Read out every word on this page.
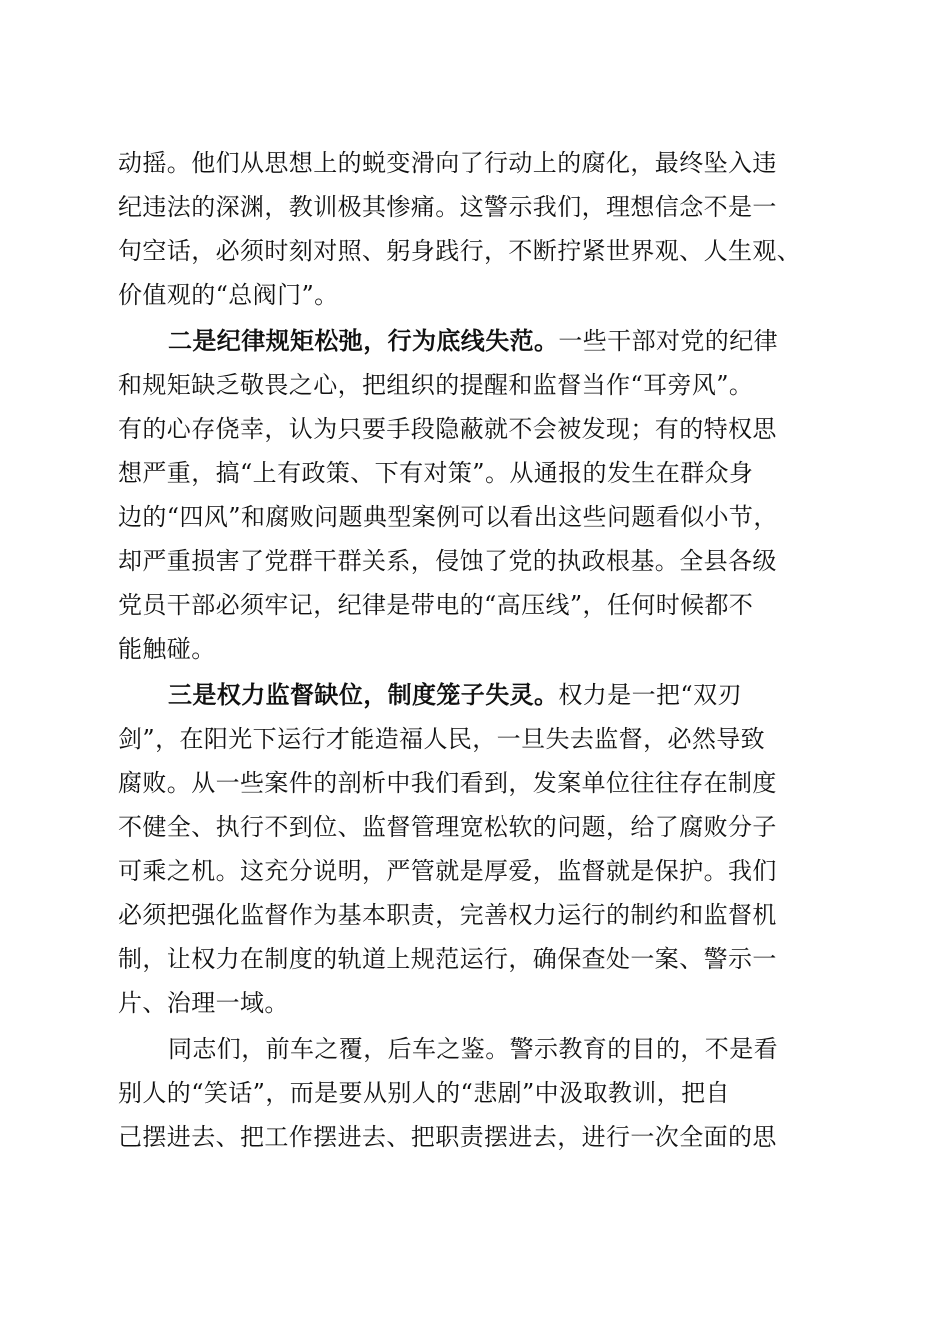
动摇。他们从思想上的蜕变滑向了行动上的腐化，最终坠入违
纪违法的深渊，教训极其惨痛。这警示我们，理想信念不是一
句空话，必须时刻对照、躬身践行，不断拧紧世界观、人生观、
价值观的“总阀门”。
二是纪律规矩松弛，行为底线失范。一些干部对党的纪律
和规矩缺乏敬畏之心，把组织的提醒和监督当作“耳旁风”。
有的心存侥幸，认为只要手段隐蔽就不会被发现；有的特权思
想严重，搞“上有政策、下有对策”。从通报的发生在群众身
边的“四风”和腐败问题典型案例可以看出这些问题看似小节，
却严重损害了党群干群关系，侵蚀了党的执政根基。全县各级
党员干部必须牢记，纪律是带电的“高压线”，任何时候都不
能触碰。
三是权力监督缺位，制度笼子失灵。权力是一把“双刃
剑”，在阳光下运行才能造福人民，一旦失去监督，必然导致
腐败。从一些案件的剖析中我们看到，发案单位往往存在制度
不健全、执行不到位、监督管理宽松软的问题，给了腐败分子
可乘之机。这充分说明，严管就是厚爱，监督就是保护。我们
必须把强化监督作为基本职责，完善权力运行的制约和监督机
制，让权力在制度的轨道上规范运行，确保查处一案、警示一
片、治理一域。
同志们，前车之覆，后车之鉴。警示教育的目的，不是看
别人的“笑话”，而是要从别人的“悲剧”中汲取教训，把自
己摆进去、把工作摆进去、把职责摆进去，进行一次全面的思
